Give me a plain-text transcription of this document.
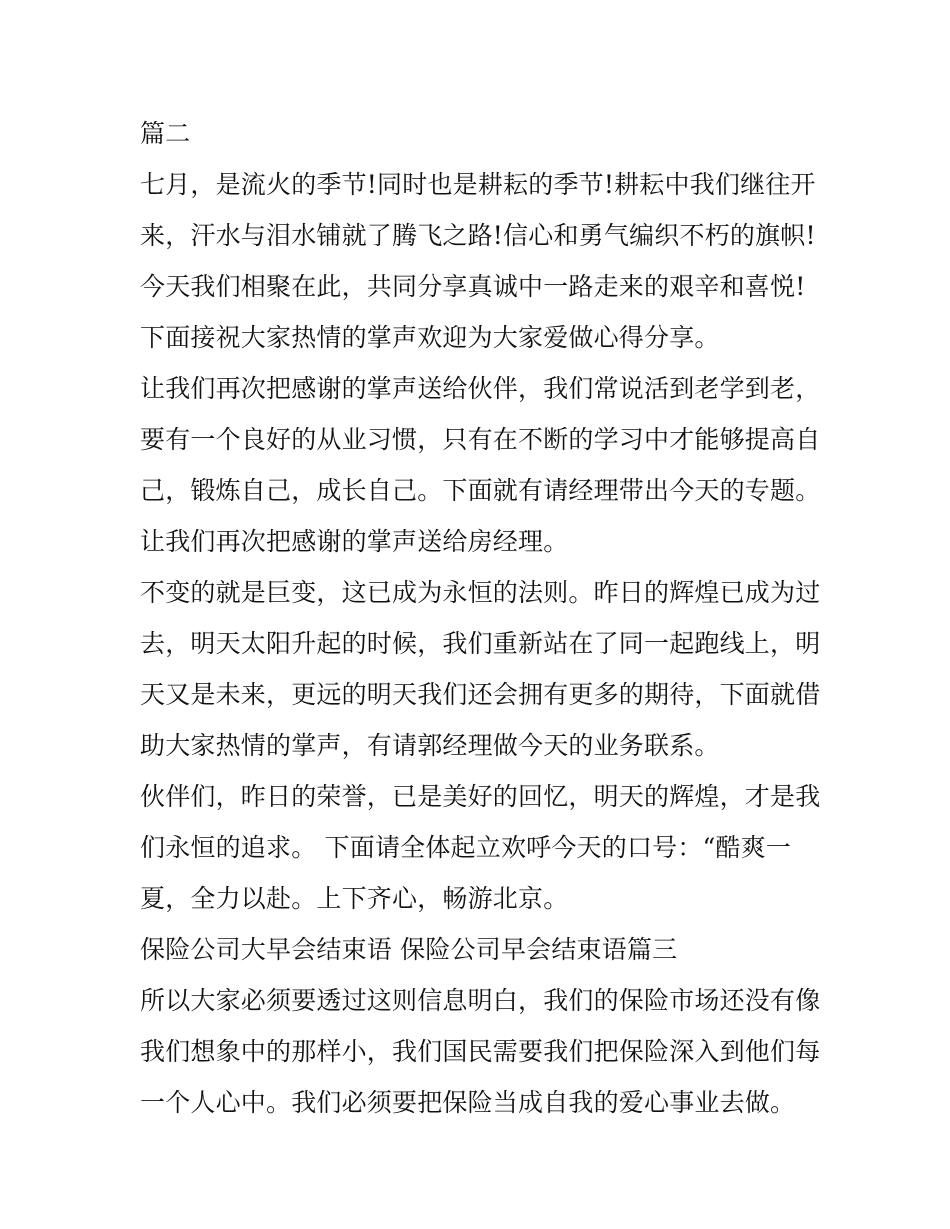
篇二

七月，是流火的季节!同时也是耕耘的季节!耕耘中我们继往开

来，汗水与泪水铺就了腾飞之路!信心和勇气编织不朽的旗帜!

今天我们相聚在此，共同分享真诚中一路走来的艰辛和喜悦!

下面接祝大家热情的掌声欢迎为大家爱做心得分享。

让我们再次把感谢的掌声送给伙伴，我们常说活到老学到老，

要有一个良好的从业习惯，只有在不断的学习中才能够提高自

己，锻炼自己，成长自己。下面就有请经理带出今天的专题。

让我们再次把感谢的掌声送给房经理。

不变的就是巨变，这已成为永恒的法则。昨日的辉煌已成为过

去，明天太阳升起的时候，我们重新站在了同一起跑线上，明

天又是未来，更远的明天我们还会拥有更多的期待，下面就借

助大家热情的掌声，有请郭经理做今天的业务联系。

伙伴们，昨日的荣誉，已是美好的回忆，明天的辉煌，才是我

们永恒的追求。 下面请全体起立欢呼今天的口号：“酷爽一

夏，全力以赴。上下齐心，畅游北京。

保险公司大早会结束语 保险公司早会结束语篇三

所以大家必须要透过这则信息明白，我们的保险市场还没有像

我们想象中的那样小，我们国民需要我们把保险深入到他们每

一个人心中。我们必须要把保险当成自我的爱心事业去做。
